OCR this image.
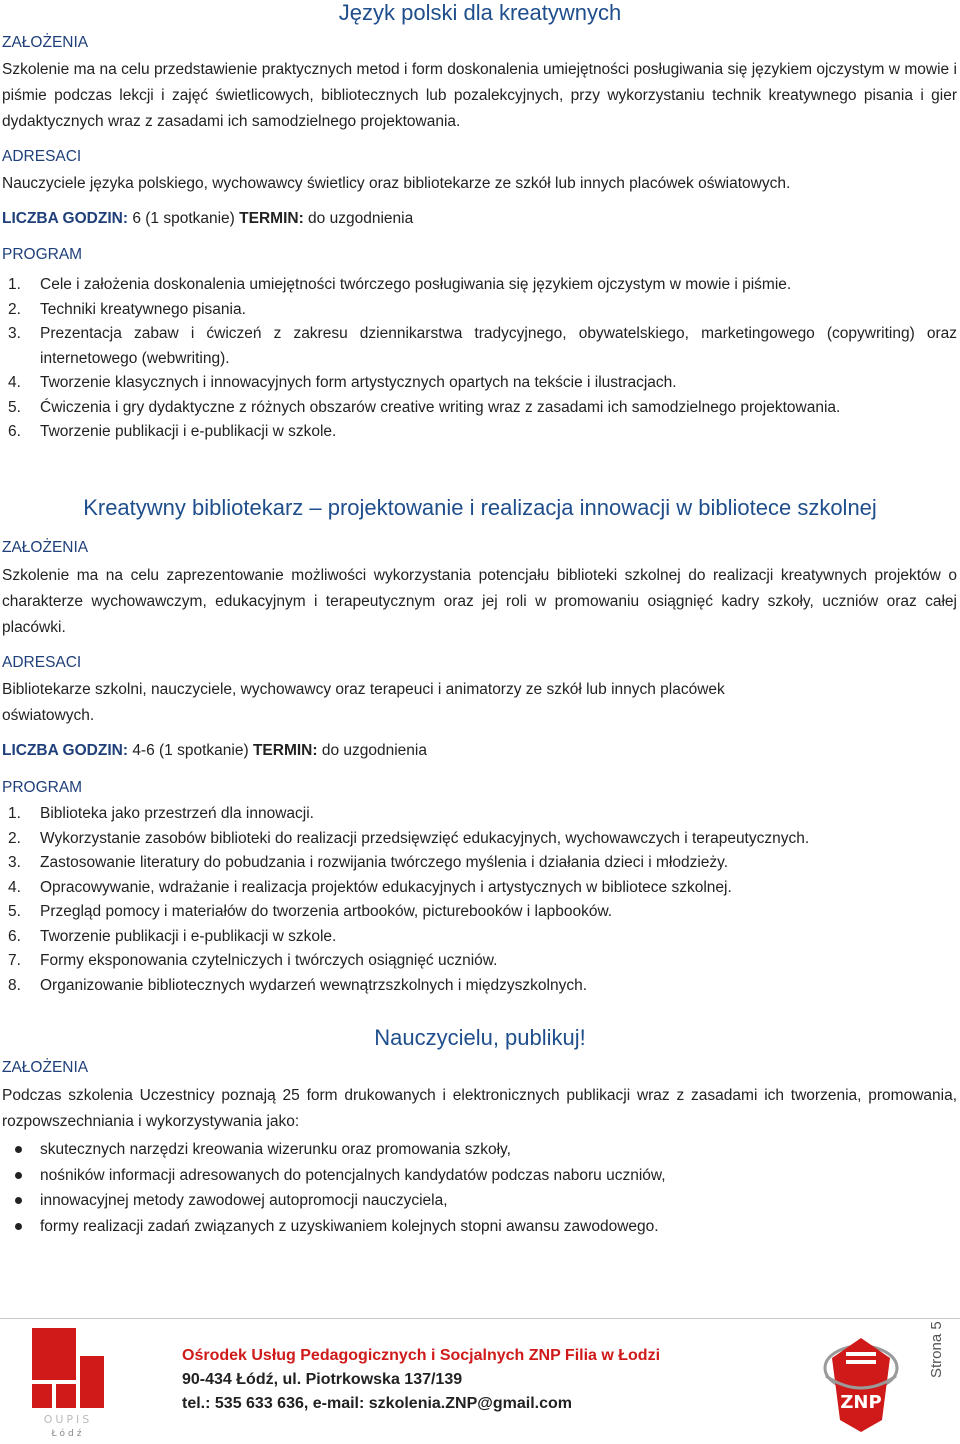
Język polski dla kreatywnych
ZAŁOŻENIA

Szkolenie ma na celu przedstawienie praktycznych metod i form doskonalenia umiejętności posługiwania się językiem ojczystym w mowie i piśmie podczas lekcji i zajęć świetlicowych, bibliotecznych lub pozalekcyjnych, przy wykorzystaniu technik kreatywnego pisania i gier dydaktycznych wraz z zasadami ich samodzielnego projektowania.

ADRESACI

Nauczyciele języka polskiego, wychowawcy świetlicy oraz bibliotekarze ze szkół lub innych placówek oświatowych.

LICZBA GODZIN: 6 (1 spotkanie) TERMIN: do uzgodnienia

PROGRAM
1. Cele i założenia doskonalenia umiejętności twórczego posługiwania się językiem ojczystym w mowie i piśmie.
2. Techniki kreatywnego pisania.
3. Prezentacja zabaw i ćwiczeń z zakresu dziennikarstwa tradycyjnego, obywatelskiego, marketingowego (copywriting) oraz internetowego (webwriting).
4. Tworzenie klasycznych i innowacyjnych form artystycznych opartych na tekście i ilustracjach.
5. Ćwiczenia i gry dydaktyczne z różnych obszarów creative writing wraz z zasadami ich samodzielnego projektowania.
6. Tworzenie publikacji i e-publikacji w szkole.
Kreatywny bibliotekarz – projektowanie i realizacja innowacji w bibliotece szkolnej
ZAŁOŻENIA

Szkolenie ma na celu zaprezentowanie możliwości wykorzystania potencjału biblioteki szkolnej do realizacji kreatywnych projektów o charakterze wychowawczym, edukacyjnym i terapeutycznym oraz jej roli w promowaniu osiągnięć kadry szkoły, uczniów oraz całej placówki.

ADRESACI

Bibliotekarze szkolni, nauczyciele, wychowawcy oraz terapeuci i animatorzy ze szkół lub innych placówek

oświatowych.

LICZBA GODZIN: 4-6 (1 spotkanie) TERMIN: do uzgodnienia

PROGRAM
1. Biblioteka jako przestrzeń dla innowacji.
2. Wykorzystanie zasobów biblioteki do realizacji przedsięwzięć edukacyjnych, wychowawczych i terapeutycznych.
3. Zastosowanie literatury do pobudzania i rozwijania twórczego myślenia i działania dzieci i młodzieży.
4. Opracowywanie, wdrażanie i realizacja projektów edukacyjnych i artystycznych w bibliotece szkolnej.
5. Przegląd pomocy i materiałów do tworzenia artbooków, picturebooków i lapbooków.
6. Tworzenie publikacji i e-publikacji w szkole.
7. Formy eksponowania czytelniczych i twórczych osiągnięć uczniów.
8. Organizowanie bibliotecznych wydarzeń wewnątrzszkolnych i międzyszkolnych.
Nauczycielu, publikuj!
ZAŁOŻENIA

Podczas szkolenia Uczestnicy poznają 25 form drukowanych i elektronicznych publikacji wraz z zasadami ich tworzenia, promowania, rozpowszechniania i wykorzystywania jako:

skutecznych narzędzi kreowania wizerunku oraz promowania szkoły,
nośników informacji adresowanych do potencjalnych kandydatów podczas naboru uczniów,
innowacyjnej metody zawodowej autopromocji nauczyciela,
formy realizacji zadań związanych z uzyskiwaniem kolejnych stopni awansu zawodowego.
OUPIS
Łódź
Ośrodek Usług Pedagogicznych i Socjalnych ZNP Filia w Łodzi
90-434 Łódź, ul. Piotrkowska 137/139
tel.: 535 633 636, e-mail: szkolenia.ZNP@gmail.com	ZNP
Strona 5
